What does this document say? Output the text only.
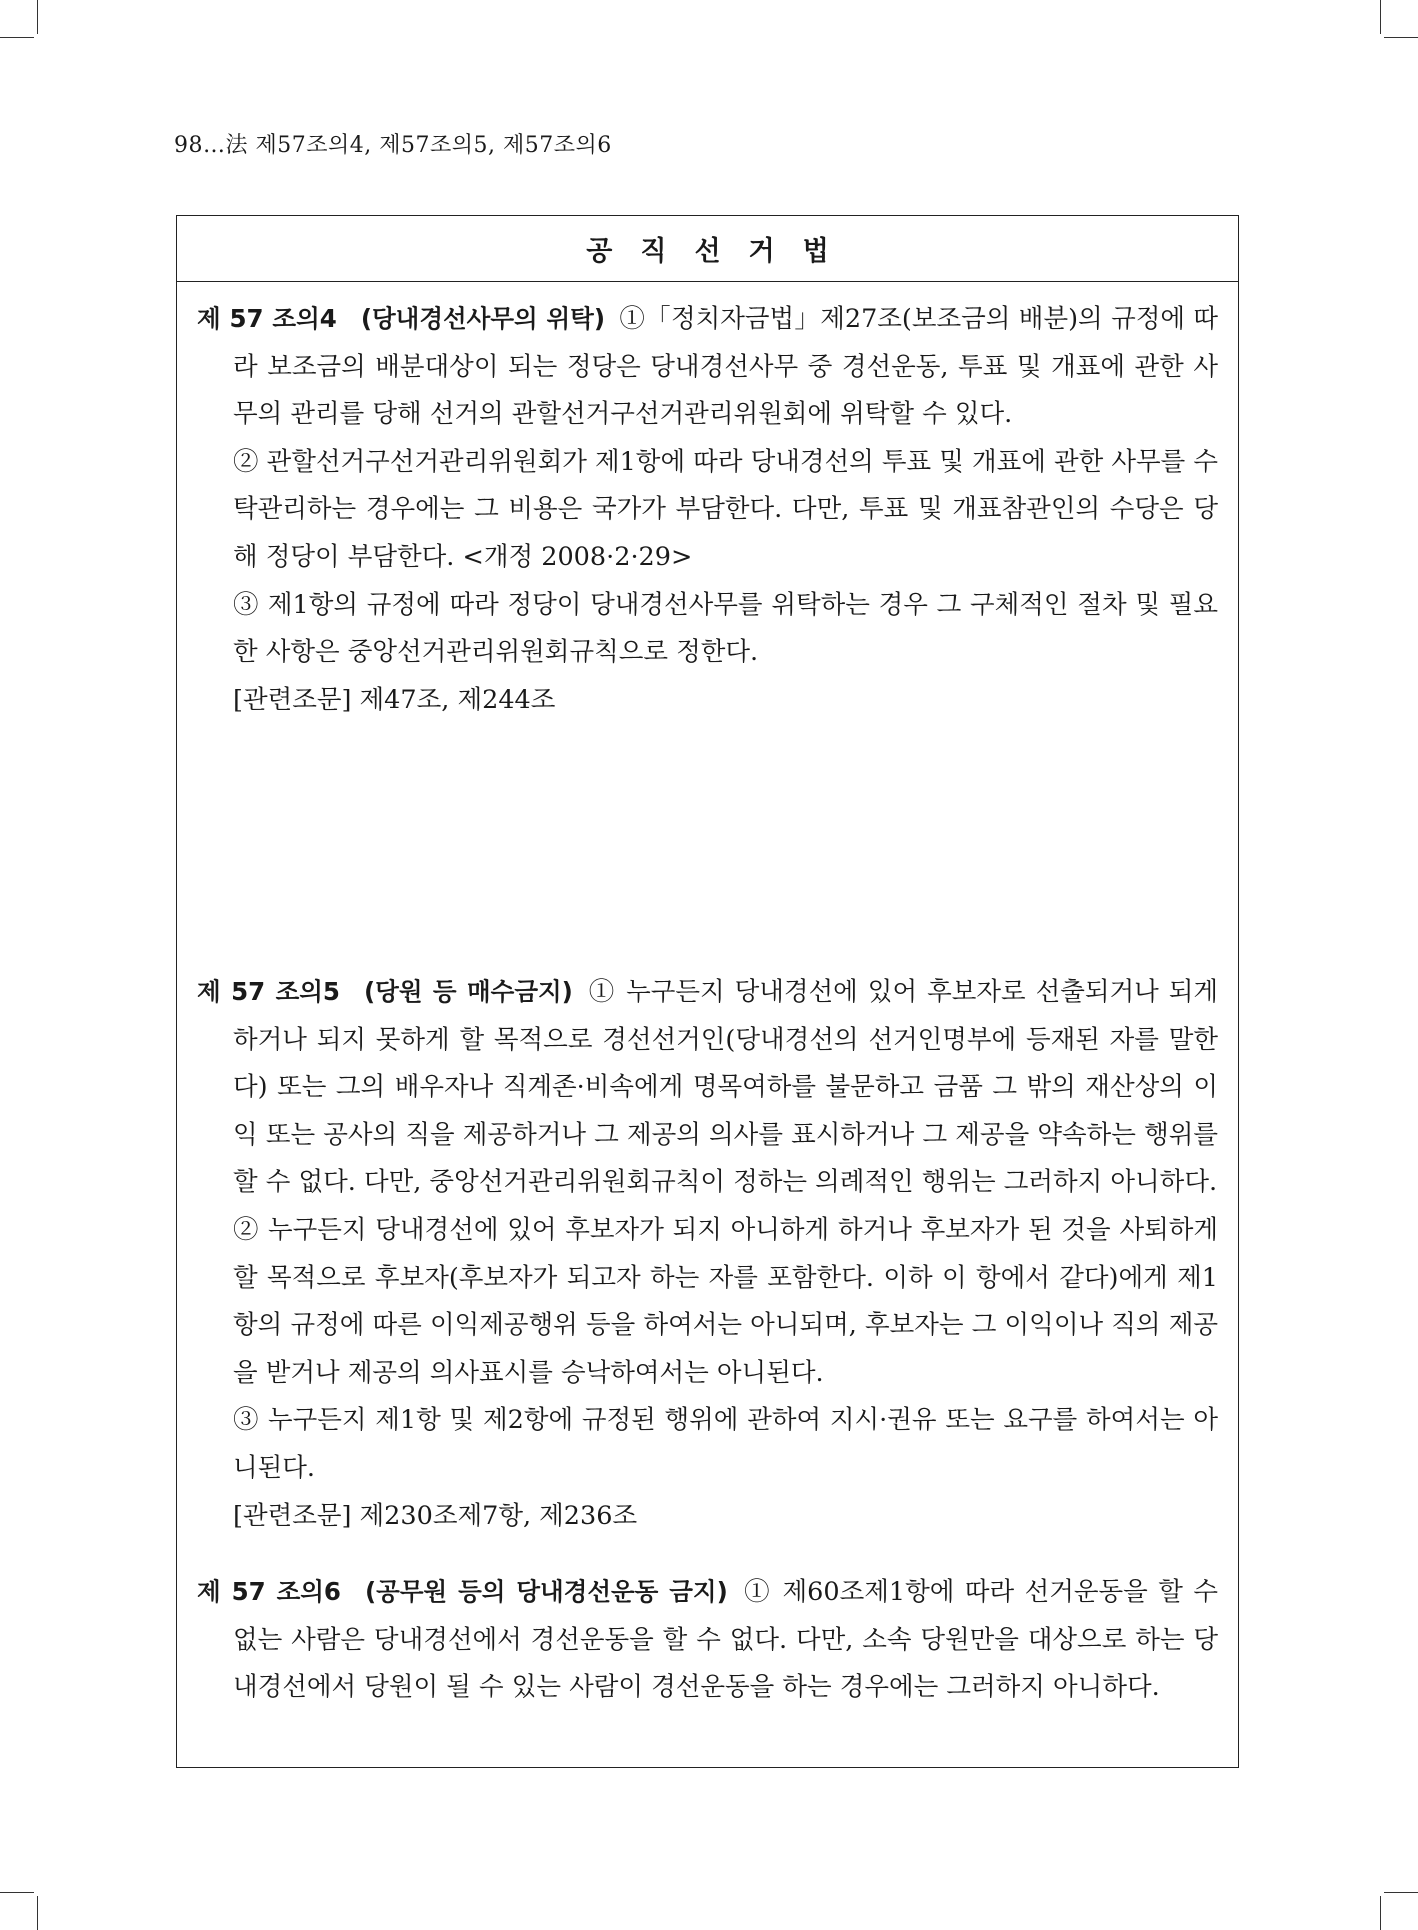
98…法 제57조의4, 제57조의5, 제57조의6
공직선거법

제 57 조의4 (당내경선사무의 위탁) ①「정치자금법」제27조(보조금의 배분)의 규정에 따라 보조금의 배분대상이 되는 정당은 당내경선사무 중 경선운동, 투표 및 개표에 관한 사무의 관리를 당해 선거의 관할선거구선거관리위원회에 위탁할 수 있다.

② 관할선거구선거관리위원회가 제1항에 따라 당내경선의 투표 및 개표에 관한 사무를 수탁관리하는 경우에는 그 비용은 국가가 부담한다. 다만, 투표 및 개표참관인의 수당은 당해 정당이 부담한다. <개정 2008·2·29>

③ 제1항의 규정에 따라 정당이 당내경선사무를 위탁하는 경우 그 구체적인 절차 및 필요한 사항은 중앙선거관리위원회규칙으로 정한다.

[관련조문] 제47조, 제244조

제 57 조의5 (당원 등 매수금지) ① 누구든지 당내경선에 있어 후보자로 선출되거나 되게 하거나 되지 못하게 할 목적으로 경선선거인(당내경선의 선거인명부에 등재된 자를 말한다) 또는 그의 배우자나 직계존·비속에게 명목여하를 불문하고 금품 그 밖의 재산상의 이익 또는 공사의 직을 제공하거나 그 제공의 의사를 표시하거나 그 제공을 약속하는 행위를 할 수 없다. 다만, 중앙선거관리위원회규칙이 정하는 의례적인 행위는 그러하지 아니하다.

② 누구든지 당내경선에 있어 후보자가 되지 아니하게 하거나 후보자가 된 것을 사퇴하게 할 목적으로 후보자(후보자가 되고자 하는 자를 포함한다. 이하 이 항에서 같다)에게 제1항의 규정에 따른 이익제공행위 등을 하여서는 아니되며, 후보자는 그 이익이나 직의 제공을 받거나 제공의 의사표시를 승낙하여서는 아니된다.

③ 누구든지 제1항 및 제2항에 규정된 행위에 관하여 지시·권유 또는 요구를 하여서는 아니된다.

[관련조문] 제230조제7항, 제236조

제 57 조의6 (공무원 등의 당내경선운동 금지) ① 제60조제1항에 따라 선거운동을 할 수 없는 사람은 당내경선에서 경선운동을 할 수 없다. 다만, 소속 당원만을 대상으로 하는 당내경선에서 당원이 될 수 있는 사람이 경선운동을 하는 경우에는 그러하지 아니하다.
